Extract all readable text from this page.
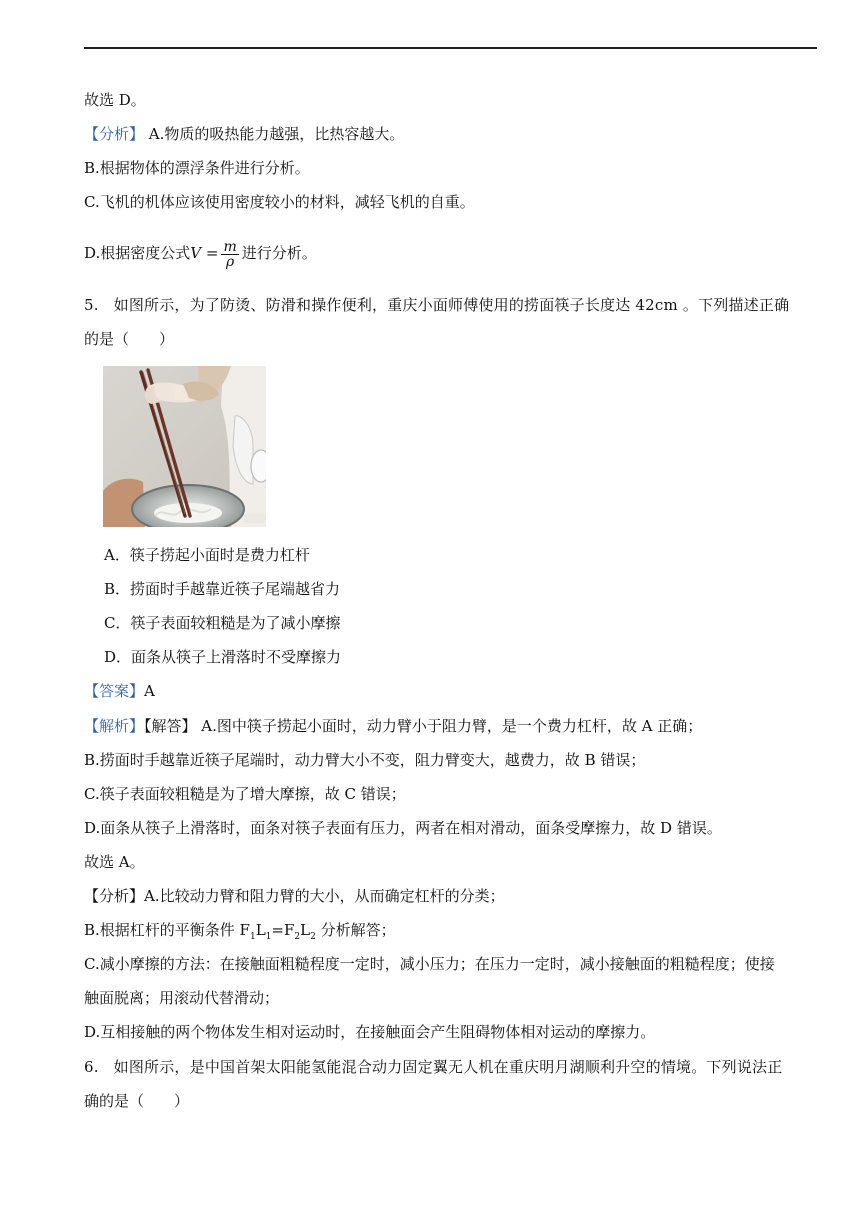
故选 D。
【分析】 A.物质的吸热能力越强，比热容越大。
B.根据物体的漂浮条件进行分析。
C.飞机的机体应该使用密度较小的材料，减轻飞机的自重。
D.根据密度公式$V = \frac{m}{\rho}$ 进行分析。
5. 如图所示，为了防烫、防滑和操作便利，重庆小面师傅使用的捞面筷子长度达 42cm 。下列描述正确
的是（　　）
A．筷子捞起小面时是费力杠杆
B．捞面时手越靠近筷子尾端越省力
C．筷子表面较粗糙是为了减小摩擦
D．面条从筷子上滑落时不受摩擦力
【答案】A
【解析】【解答】 A.图中筷子捞起小面时，动力臂小于阻力臂，是一个费力杠杆，故 A 正确；
B.捞面时手越靠近筷子尾端时，动力臂大小不变，阻力臂变大，越费力，故 B 错误；
C.筷子表面较粗糙是为了增大摩擦，故 C 错误；
D.面条从筷子上滑落时，面条对筷子表面有压力，两者在相对滑动，面条受摩擦力，故 D 错误。
故选 A。
【分析】A.比较动力臂和阻力臂的大小，从而确定杠杆的分类；
B.根据杠杆的平衡条件 $F_1L_1=F_2L_2$ 分析解答；
C.减小摩擦的方法：在接触面粗糙程度一定时，减小压力；在压力一定时，减小接触面的粗糙程度；使接
触面脱离；用滚动代替滑动；
D.互相接触的两个物体发生相对运动时，在接触面会产生阻碍物体相对运动的摩擦力。
6. 如图所示，是中国首架太阳能氢能混合动力固定翼无人机在重庆明月湖顺利升空的情境。下列说法正
确的是（　　）
